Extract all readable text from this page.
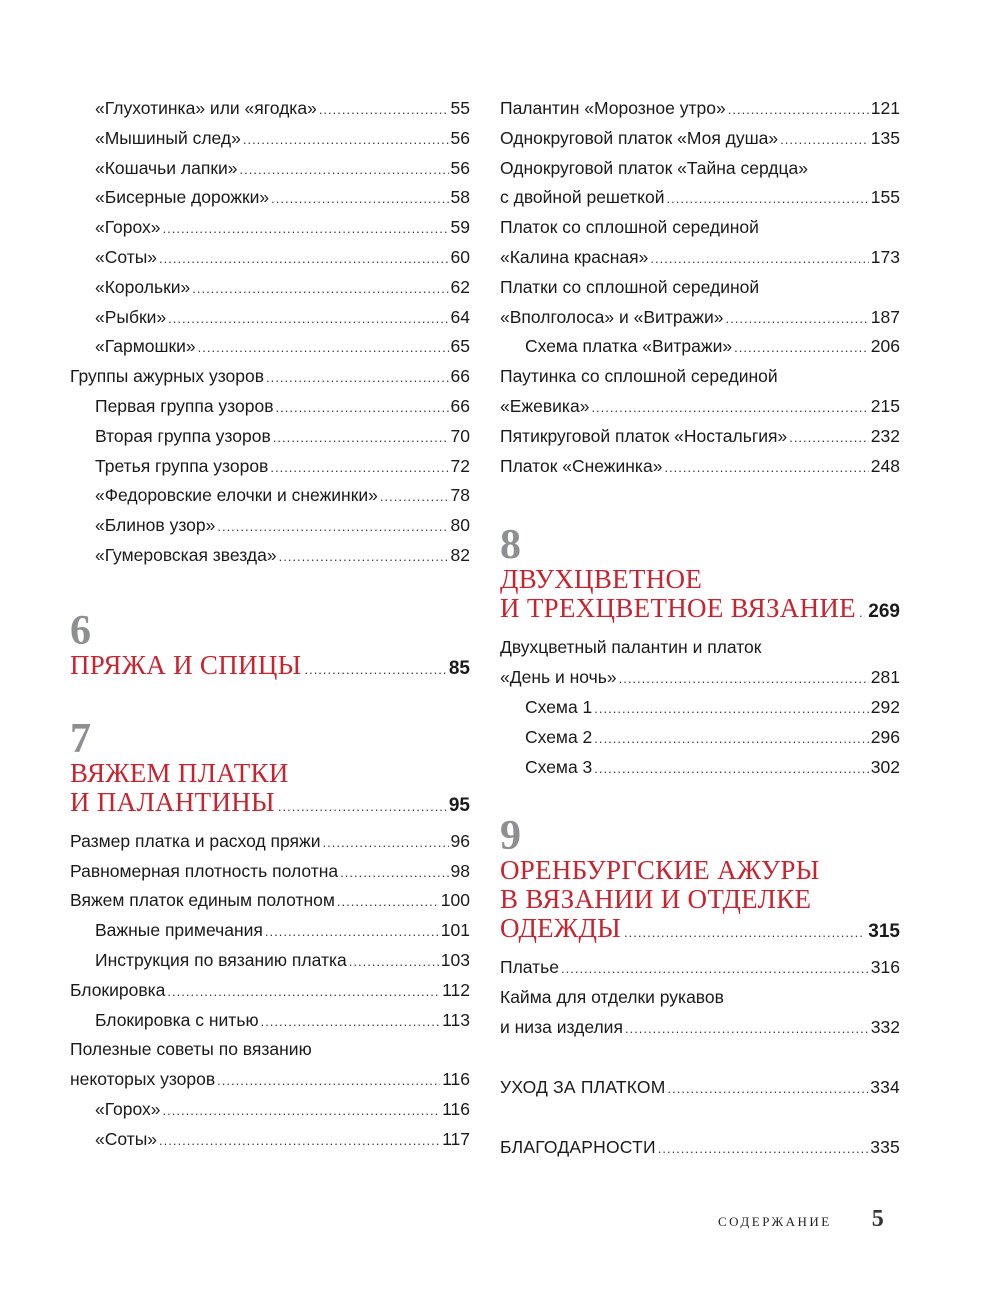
«Глухотинка» или «ягодка» .....	55
«Мышиный след» .....	56
«Кошачьи лапки» .....	56
«Бисерные дорожки» .....	58
«Горох» .....	59
«Соты» .....	60
«Корольки» .....	62
«Рыбки» .....	64
«Гармошки» .....	65
Группы ажурных узоров .....	66
Первая группа узоров .....	66
Вторая группа узоров .....	70
Третья группа узоров .....	72
«Федоровские елочки и снежинки» .....	78
«Блинов узор» .....	80
«Гумеровская звезда» .....	82
6
ПРЯЖА И СПИЦЫ .....	85
7
ВЯЖЕМ ПЛАТКИ
И ПАЛАНТИНЫ .....	95
Размер платка и расход пряжи .....	96
Равномерная плотность полотна .....	98
Вяжем платок единым полотном .....	100
Важные примечания .....	101
Инструкция по вязанию платка .....	103
Блокировка .....	112
Блокировка с нитью .....	113
Полезные советы по вязанию
некоторых узоров .....	116
«Горох» .....	116
«Соты» .....	117
Палантин «Морозное утро» .....	121
Однокруговой платок «Моя душа» .....	135
Однокруговой платок «Тайна сердца»
с двойной решеткой .....	155
Платок со сплошной серединой
«Калина красная» .....	173
Платки со сплошной серединой
«Вполголоса» и «Витражи» .....	187
Схема платка «Витражи» .....	206
Паутинка со сплошной серединой
«Ежевика» .....	215
Пятикруговой платок «Ностальгия» .....	232
Платок «Снежинка» .....	248
8
ДВУХЦВЕТНОЕ
И ТРЕХЦВЕТНОЕ ВЯЗАНИЕ ..... 269
Двухцветный палантин и платок
«День и ночь» .....	281
Схема 1 .....	292
Схема 2 .....	296
Схема 3 .....	302
9
ОРЕНБУРГСКИЕ АЖУРЫ
В ВЯЗАНИИ И ОТДЕЛКЕ
ОДЕЖДЫ .....	315
Платье .....	316
Кайма для отделки рукавов
и низа изделия .....	332
УХОД ЗА ПЛАТКОМ .....	334
БЛАГОДАРНОСТИ .....	335
СОДЕРЖАНИЕ 5
